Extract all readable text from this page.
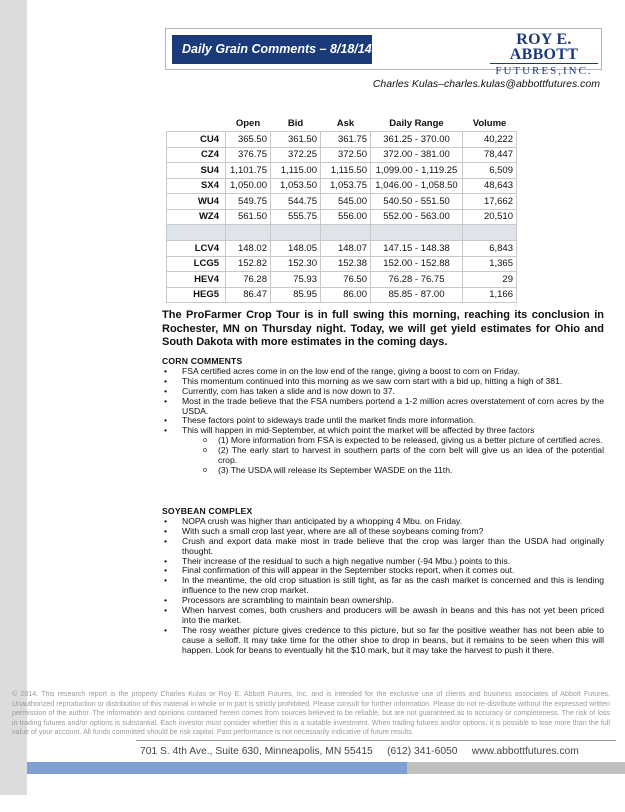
Daily Grain Comments – 8/18/14
ROY E. ABBOTT
FUTURES,INC.
Charles Kulas–charles.kulas@abbottfutures.com
	Open	Bid	Ask	Daily Range	Volume
CU4	365.50	361.50	361.75	361.25 - 370.00	40,222
CZ4	376.75	372.25	372.50	372.00 - 381.00	78,447
SU4	1,101.75	1,115.00	1,115.50	1,099.00 - 1,119.25	6,509
SX4	1,050.00	1,053.50	1,053.75	1,046.00 - 1,058.50	48,643
WU4	549.75	544.75	545.00	540.50 - 551.50	17,662
WZ4	561.50	555.75	556.00	552.00 - 563.00	20,510

LCV4	148.02	148.05	148.07	147.15 - 148.38	6,843
LCG5	152.82	152.30	152.38	152.00 - 152.88	1,365
HEV4	76.28	75.93	76.50	76.28 - 76.75	29
HEG5	86.47	85.95	86.00	85.85 - 87.00	1,166
The ProFarmer Crop Tour is in full swing this morning, reaching its conclusion in Rochester, MN on Thursday night. Today, we will get yield estimates for Ohio and South Dakota with more estimates in the coming days.
CORN COMMENTS
• FSA certified acres come in on the low end of the range, giving a boost to corn on Friday.
• This momentum continued into this morning as we saw corn start with a bid up, hitting a high of 381.
• Currently, corn has taken a slide and is now down to 37.
• Most in the trade believe that the FSA numbers portend a 1-2 million acres overstatement of corn acres by the USDA.
• These factors point to sideways trade until the market finds more information.
• This will happen in mid-September, at which point the market will be affected by three factors
o (1) More information from FSA is expected to be released, giving us a better picture of certified acres.
o (2) The early start to harvest in southern parts of the corn belt will give us an idea of the potential crop.
o (3) The USDA will release its September WASDE on the 11th.
SOYBEAN COMPLEX
• NOPA crush was higher than anticipated by a whopping 4 Mbu. on Friday.
• With such a small crop last year, where are all of these soybeans coming from?
• Crush and export data make most in trade believe that the crop was larger than the USDA had originally thought.
• Their increase of the residual to such a high negative number (-94 Mbu.) points to this.
• Final confirmation of this will appear in the September stocks report, when it comes out.
• In the meantime, the old crop situation is still tight, as far as the cash market is concerned and this is lending influence to the new crop market.
• Processors are scrambling to maintain bean ownership.
• When harvest comes, both crushers and producers will be awash in beans and this has not yet been priced into the market.
• The rosy weather picture gives credence to this picture, but so far the positive weather has not been able to cause a selloff. It may take time for the other shoe to drop in beans, but it remains to be seen when this will happen. Look for beans to eventually hit the $10 mark, but it may take the harvest to push it there.
© 2014. This research report is the property Charles Kulas or Roy E. Abbott Futures, Inc. and is intended for the exclusive use of clients and business associates of Abbott Futures. Unauthorized reproduction or distribution of this material in whole or in part is strictly prohibited. Please consult for further information. Please do not re-distribute without the expressed written permission of the author. The information and opinions contained herein comes from sources believed to be reliable, but are not guaranteed as to accuracy or completeness. The risk of loss in trading futures and/or options is substantial. Each investor must consider whether this is a suitable investment. When trading futures and/or options, it is possible to lose more than the full value of your account. All funds committed should be risk capital. Past performance is not necessarily indicative of future results.
701 S. 4th Ave., Suite 630, Minneapolis, MN 55415     (612) 341-6050     www.abbottfutures.com
